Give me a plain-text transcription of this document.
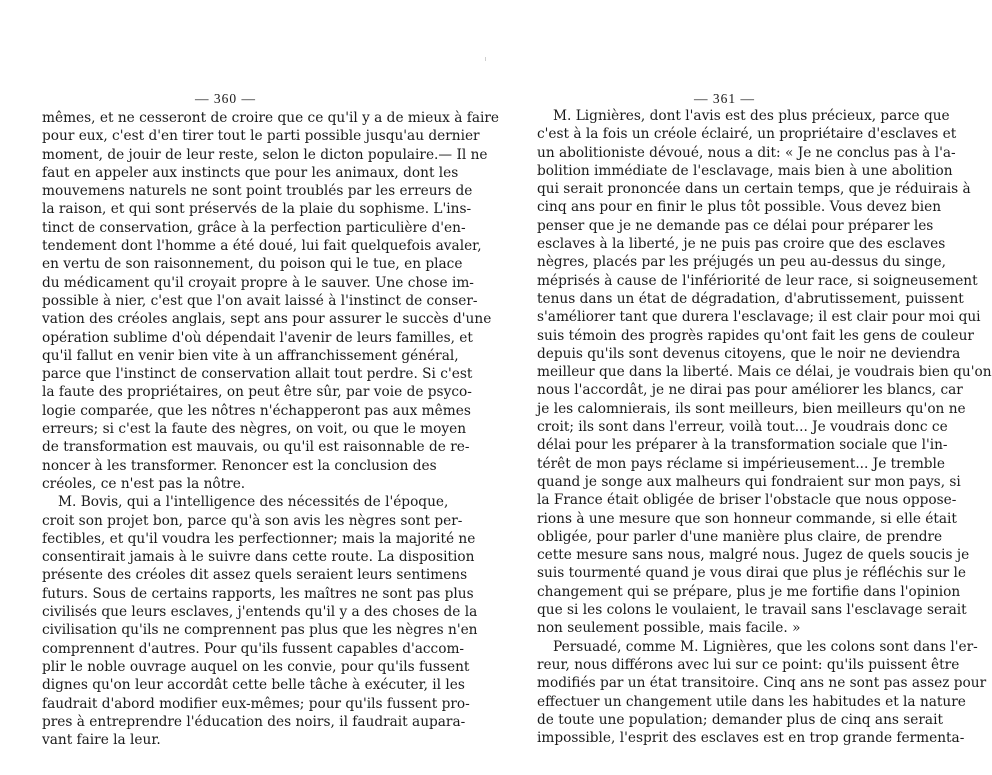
— 360 —
mêmes, et ne cesseront de croire que ce qu'il y a de mieux à faire
pour eux, c'est d'en tirer tout le parti possible jusqu'au dernier
moment, de jouir de leur reste, selon le dicton populaire.— Il ne
faut en appeler aux instincts que pour les animaux, dont les
mouvemens naturels ne sont point troublés par les erreurs de
la raison, et qui sont préservés de la plaie du sophisme. L'ins-
tinct de conservation, grâce à la perfection particulière d'en-
tendement dont l'homme a été doué, lui fait quelquefois avaler,
en vertu de son raisonnement, du poison qui le tue, en place
du médicament qu'il croyait propre à le sauver. Une chose im-
possible à nier, c'est que l'on avait laissé à l'instinct de conser-
vation des créoles anglais, sept ans pour assurer le succès d'une
opération sublime d'où dépendait l'avenir de leurs familles, et
qu'il fallut en venir bien vite à un affranchissement général,
parce que l'instinct de conservation allait tout perdre. Si c'est
la faute des propriétaires, on peut être sûr, par voie de psyco-
logie comparée, que les nôtres n'échapperont pas aux mêmes
erreurs; si c'est la faute des nègres, on voit, ou que le moyen
de transformation est mauvais, ou qu'il est raisonnable de re-
noncer à les transformer. Renoncer est la conclusion des
créoles, ce n'est pas la nôtre.
M. Bovis, qui a l'intelligence des nécessités de l'époque,
croit son projet bon, parce qu'à son avis les nègres sont per-
fectibles, et qu'il voudra les perfectionner; mais la majorité ne
consentirait jamais à le suivre dans cette route. La disposition
présente des créoles dit assez quels seraient leurs sentimens
futurs. Sous de certains rapports, les maîtres ne sont pas plus
civilisés que leurs esclaves, j'entends qu'il y a des choses de la
civilisation qu'ils ne comprennent pas plus que les nègres n'en
comprennent d'autres. Pour qu'ils fussent capables d'accom-
plir le noble ouvrage auquel on les convie, pour qu'ils fussent
dignes qu'on leur accordât cette belle tâche à exécuter, il les
faudrait d'abord modifier eux-mêmes; pour qu'ils fussent pro-
pres à entreprendre l'éducation des noirs, il faudrait aupara-
vant faire la leur.
— 361 —
M. Lignières, dont l'avis est des plus précieux, parce que
c'est à la fois un créole éclairé, un propriétaire d'esclaves et
un abolitioniste dévoué, nous a dit: « Je ne conclus pas à l'a-
bolition immédiate de l'esclavage, mais bien à une abolition
qui serait prononcée dans un certain temps, que je réduirais à
cinq ans pour en finir le plus tôt possible. Vous devez bien
penser que je ne demande pas ce délai pour préparer les
esclaves à la liberté, je ne puis pas croire que des esclaves
nègres, placés par les préjugés un peu au-dessus du singe,
méprisés à cause de l'infériorité de leur race, si soigneusement
tenus dans un état de dégradation, d'abrutissement, puissent
s'améliorer tant que durera l'esclavage; il est clair pour moi qui
suis témoin des progrès rapides qu'ont fait les gens de couleur
depuis qu'ils sont devenus citoyens, que le noir ne deviendra
meilleur que dans la liberté. Mais ce délai, je voudrais bien qu'on
nous l'accordât, je ne dirai pas pour améliorer les blancs, car
je les calomnierais, ils sont meilleurs, bien meilleurs qu'on ne
croit; ils sont dans l'erreur, voilà tout... Je voudrais donc ce
délai pour les préparer à la transformation sociale que l'in-
térêt de mon pays réclame si impérieusement... Je tremble
quand je songe aux malheurs qui fondraient sur mon pays, si
la France était obligée de briser l'obstacle que nous oppose-
rions à une mesure que son honneur commande, si elle était
obligée, pour parler d'une manière plus claire, de prendre
cette mesure sans nous, malgré nous. Jugez de quels soucis je
suis tourmenté quand je vous dirai que plus je réfléchis sur le
changement qui se prépare, plus je me fortifie dans l'opinion
que si les colons le voulaient, le travail sans l'esclavage serait
non seulement possible, mais facile. »
Persuadé, comme M. Lignières, que les colons sont dans l'er-
reur, nous différons avec lui sur ce point: qu'ils puissent être
modifiés par un état transitoire. Cinq ans ne sont pas assez pour
effectuer un changement utile dans les habitudes et la nature
de toute une population; demander plus de cinq ans serait
impossible, l'esprit des esclaves est en trop grande fermenta-
